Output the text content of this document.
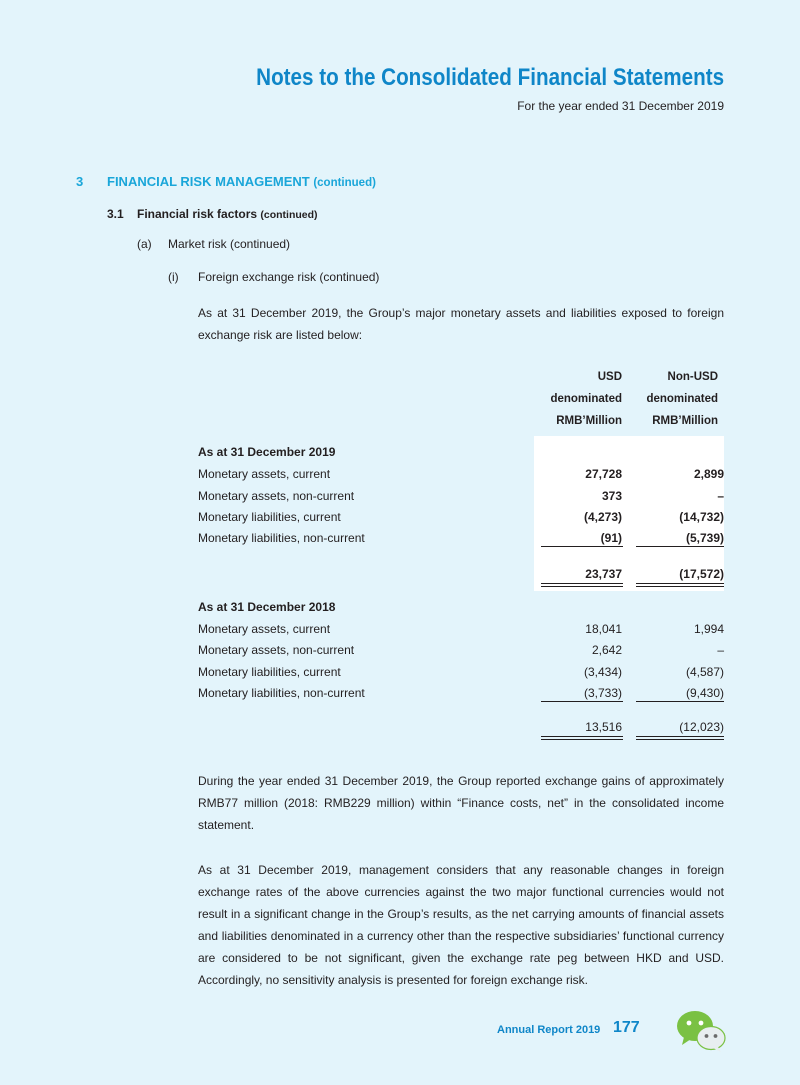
Notes to the Consolidated Financial Statements
For the year ended 31 December 2019
3 FINANCIAL RISK MANAGEMENT (continued)
3.1 Financial risk factors (continued)
(a) Market risk (continued)
(i) Foreign exchange risk (continued)
As at 31 December 2019, the Group’s major monetary assets and liabilities exposed to foreign exchange risk are listed below:
USD
denominated
RMB’Million
Non-USD
denominated
RMB’Million
As at 31 December 2019
Monetary assets, current	27,728	2,899
Monetary assets, non-current	373	–
Monetary liabilities, current	(4,273)	(14,732)
Monetary liabilities, non-current	(91)	(5,739)
23,737	(17,572)
As at 31 December 2018
Monetary assets, current	18,041	1,994
Monetary assets, non-current	2,642	–
Monetary liabilities, current	(3,434)	(4,587)
Monetary liabilities, non-current	(3,733)	(9,430)
13,516	(12,023)
During the year ended 31 December 2019, the Group reported exchange gains of approximately RMB77 million (2018: RMB229 million) within “Finance costs, net” in the consolidated income statement.
As at 31 December 2019, management considers that any reasonable changes in foreign exchange rates of the above currencies against the two major functional currencies would not result in a significant change in the Group’s results, as the net carrying amounts of financial assets and liabilities denominated in a currency other than the respective subsidiaries’ functional currency are considered to be not significant, given the exchange rate peg between HKD and USD. Accordingly, no sensitivity analysis is presented for foreign exchange risk.
Annual Report 2019 177
